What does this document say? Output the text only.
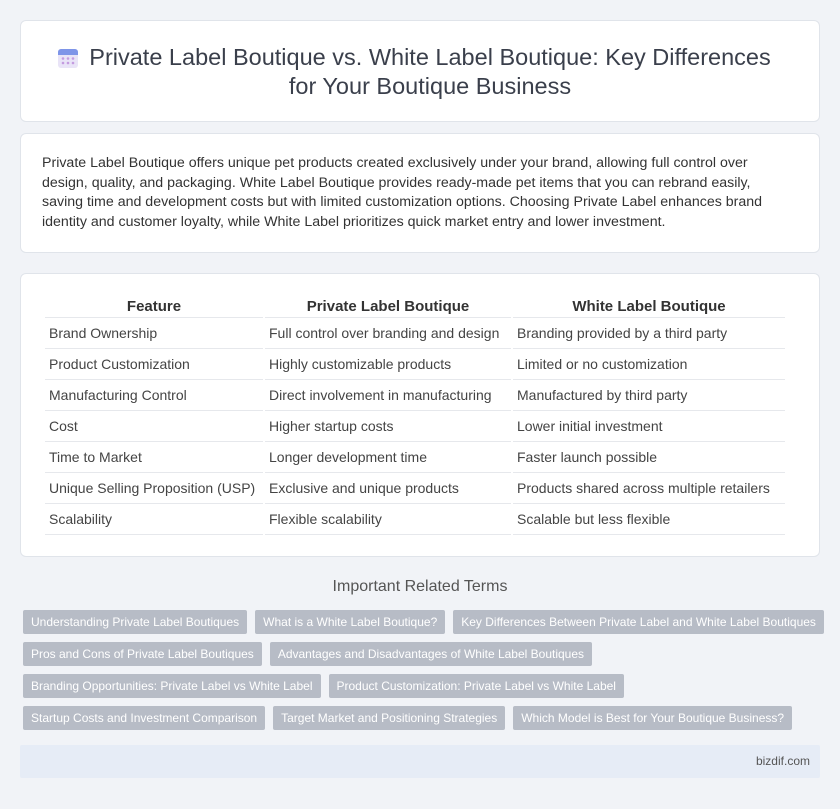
Private Label Boutique vs. White Label Boutique: Key Differences for Your Boutique Business

Private Label Boutique offers unique pet products created exclusively under your brand, allowing full control over design, quality, and packaging. White Label Boutique provides ready-made pet items that you can rebrand easily, saving time and development costs but with limited customization options. Choosing Private Label enhances brand identity and customer loyalty, while White Label prioritizes quick market entry and lower investment.

Feature	Private Label Boutique	White Label Boutique
Brand Ownership	Full control over branding and design	Branding provided by a third party
Product Customization	Highly customizable products	Limited or no customization
Manufacturing Control	Direct involvement in manufacturing	Manufactured by third party
Cost	Higher startup costs	Lower initial investment
Time to Market	Longer development time	Faster launch possible
Unique Selling Proposition (USP)	Exclusive and unique products	Products shared across multiple retailers
Scalability	Flexible scalability	Scalable but less flexible
Important Related Terms
Understanding Private Label Boutiques	What is a White Label Boutique?	Key Differences Between Private Label and White Label Boutiques
Pros and Cons of Private Label Boutiques	Advantages and Disadvantages of White Label Boutiques
Branding Opportunities: Private Label vs White Label	Product Customization: Private Label vs White Label
Startup Costs and Investment Comparison	Target Market and Positioning Strategies	Which Model is Best for Your Boutique Business?
bizdif.com
